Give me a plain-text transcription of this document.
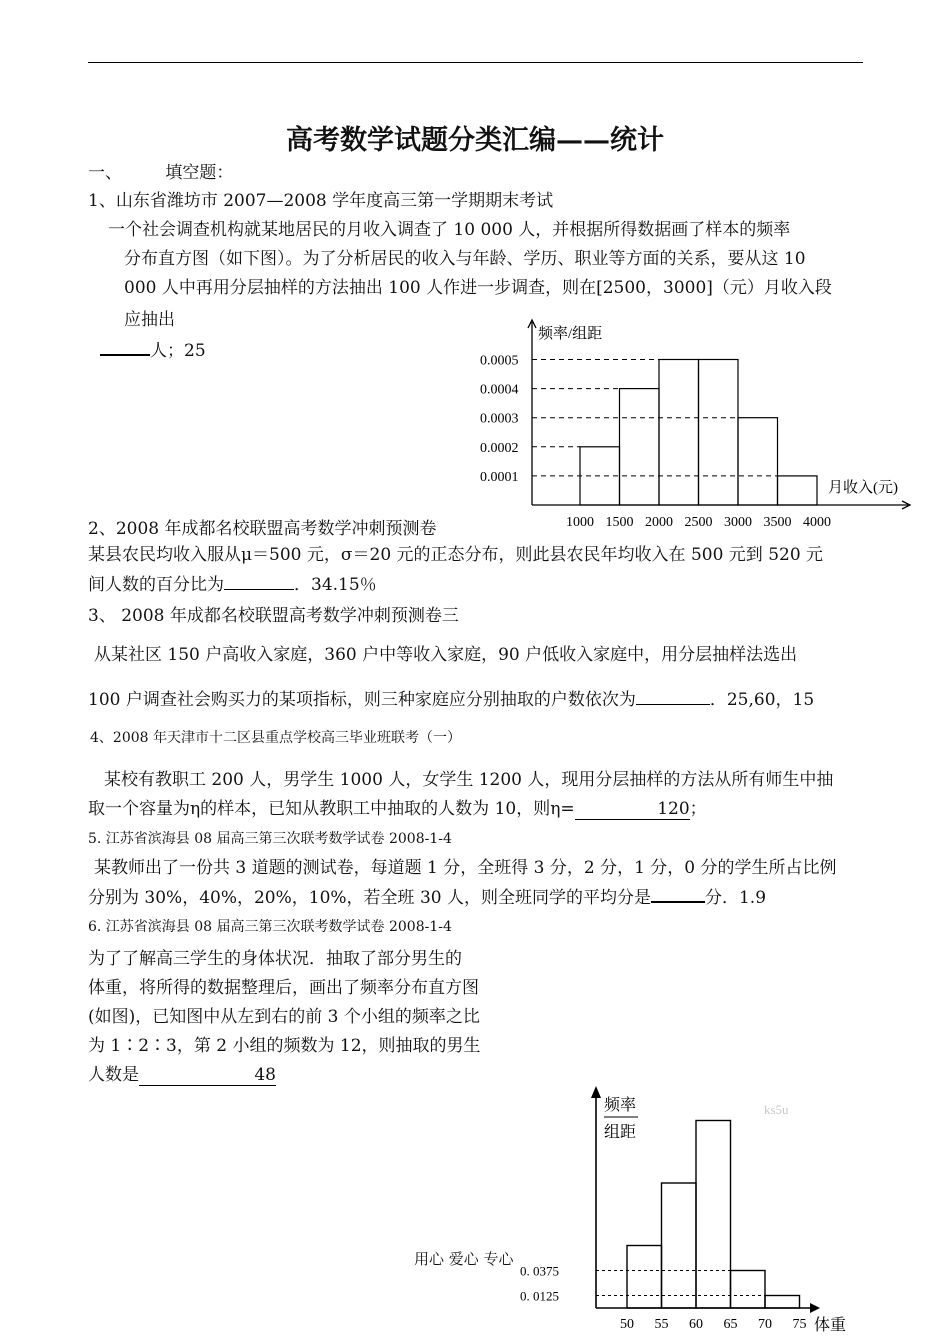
高考数学试题分类汇编——统计
一、	填空题：
1、山东省潍坊市 2007—2008 学年度高三第一学期期末考试
一个社会调查机构就某地居民的月收入调查了 10 000 人，并根据所得数据画了样本的频率
分布直方图（如下图）。为了分析居民的收入与年龄、学历、职业等方面的关系，要从这 10
000 人中再用分层抽样的方法抽出 100 人作进一步调查，则在[2500，3000]（元）月收入段
应抽出
人；25
频率/组距
月收入(元)
0.0001
0.0002
0.0003
0.0004
0.0005
1000 1500 2000 2500 3000 3500 4000
2、2008 年成都名校联盟高考数学冲刺预测卷
某县农民均收入服从μ＝500 元，σ＝20 元的正态分布，则此县农民年均收入在 500 元到 520 元
间人数的百分比为	．34.15％
3、 2008 年成都名校联盟高考数学冲刺预测卷三
从某社区 150 户高收入家庭，360 户中等收入家庭，90 户低收入家庭中，用分层抽样法选出
100 户调查社会购买力的某项指标，则三种家庭应分别抽取的户数依次为	．25,60，15
4、2008 年天津市十二区县重点学校高三毕业班联考（一）
某校有教职工 200 人，男学生 1000 人，女学生 1200 人，现用分层抽样的方法从所有师生中抽
取一个容量为η的样本，已知从教职工中抽取的人数为 10，则η=	120；
5. 江苏省滨海县 08 届高三第三次联考数学试卷 2008-1-4
某教师出了一份共 3 道题的测试卷，每道题 1 分，全班得 3 分，2 分，1 分，0 分的学生所占比例
分别为 30%，40%，20%，10%，若全班 30 人，则全班同学的平均分是	分．1.9
6. 江苏省滨海县 08 届高三第三次联考数学试卷 2008-1-4
为了了解高三学生的身体状况．抽取了部分男生的
体重，将所得的数据整理后，画出了频率分布直方图
(如图)，已知图中从左到右的前 3 个小组的频率之比
为 1∶2∶3，第 2 小组的频数为 12，则抽取的男生
人数是	48
ks5u
频率
组距
体重
0. 0375
0. 0125
50 55 60 65 70 75
用心 爱心 专心
